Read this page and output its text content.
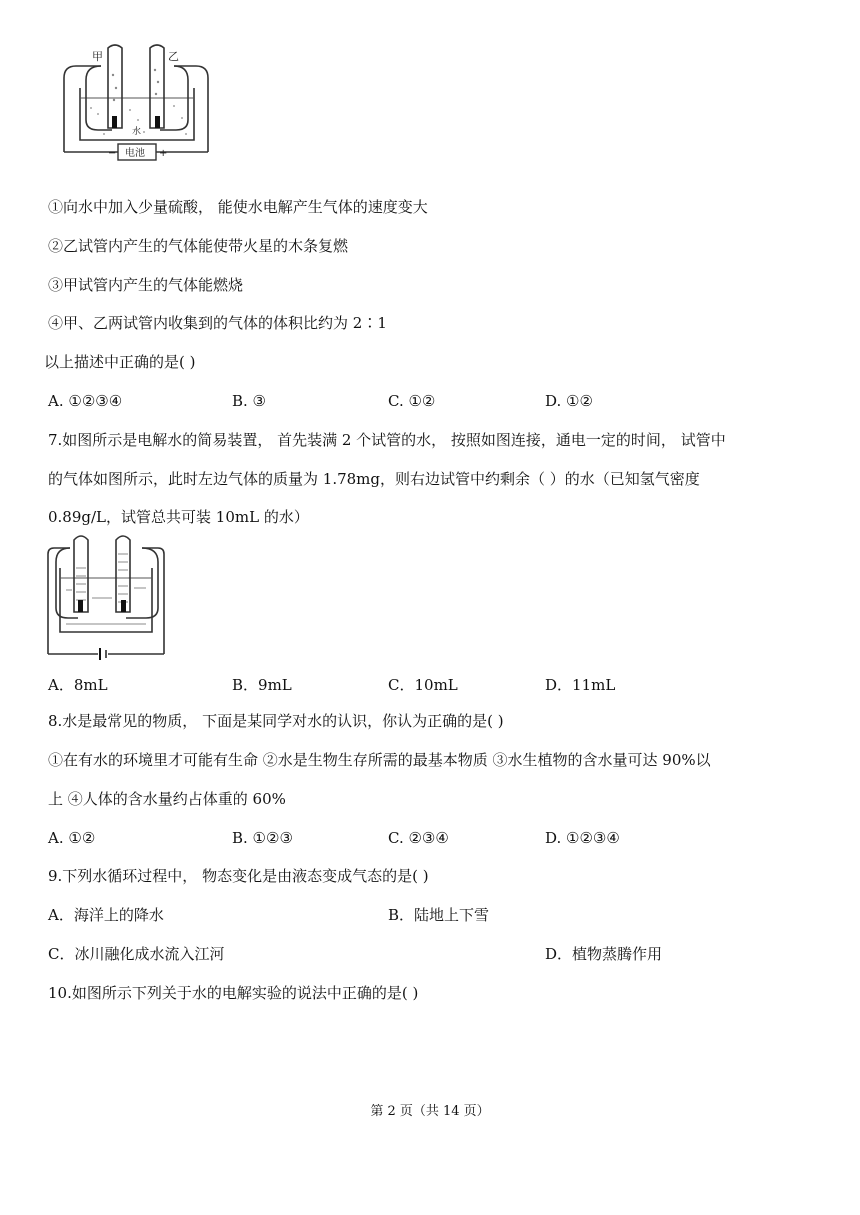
甲	乙
水
电池
−	+
①向水中加入少量硫酸， 能使水电解产生气体的速度变大
②乙试管内产生的气体能使带火星的木条复燃
③甲试管内产生的气体能燃烧
④甲、乙两试管内收集到的气体的体积比约为 2∶1
以上描述中正确的是( )
A. ①②③④	B. ③	C. ①②	D. ①②
7.如图所示是电解水的简易装置， 首先装满 2 个试管的水， 按照如图连接，通电一定的时间， 试管中
的气体如图所示，此时左边气体的质量为 1.78mg，则右边试管中约剩余（ ）的水（已知氢气密度
0.89g/L，试管总共可装 10mL 的水）
A．8mL	B．9mL	C．10mL	D．11mL
8.水是最常见的物质， 下面是某同学对水的认识，你认为正确的是( )
①在有水的环境里才可能有生命 ②水是生物生存所需的最基本物质 ③水生植物的含水量可达 90%以
上 ④人体的含水量约占体重的 60%
A. ①②	B. ①②③	C. ②③④	D. ①②③④
9.下列水循环过程中， 物态变化是由液态变成气态的是( )
A．海洋上的降水	B．陆地上下雪
C．冰川融化成水流入江河	D．植物蒸腾作用
10.如图所示下列关于水的电解实验的说法中正确的是( )
第 2 页（共 14 页）
